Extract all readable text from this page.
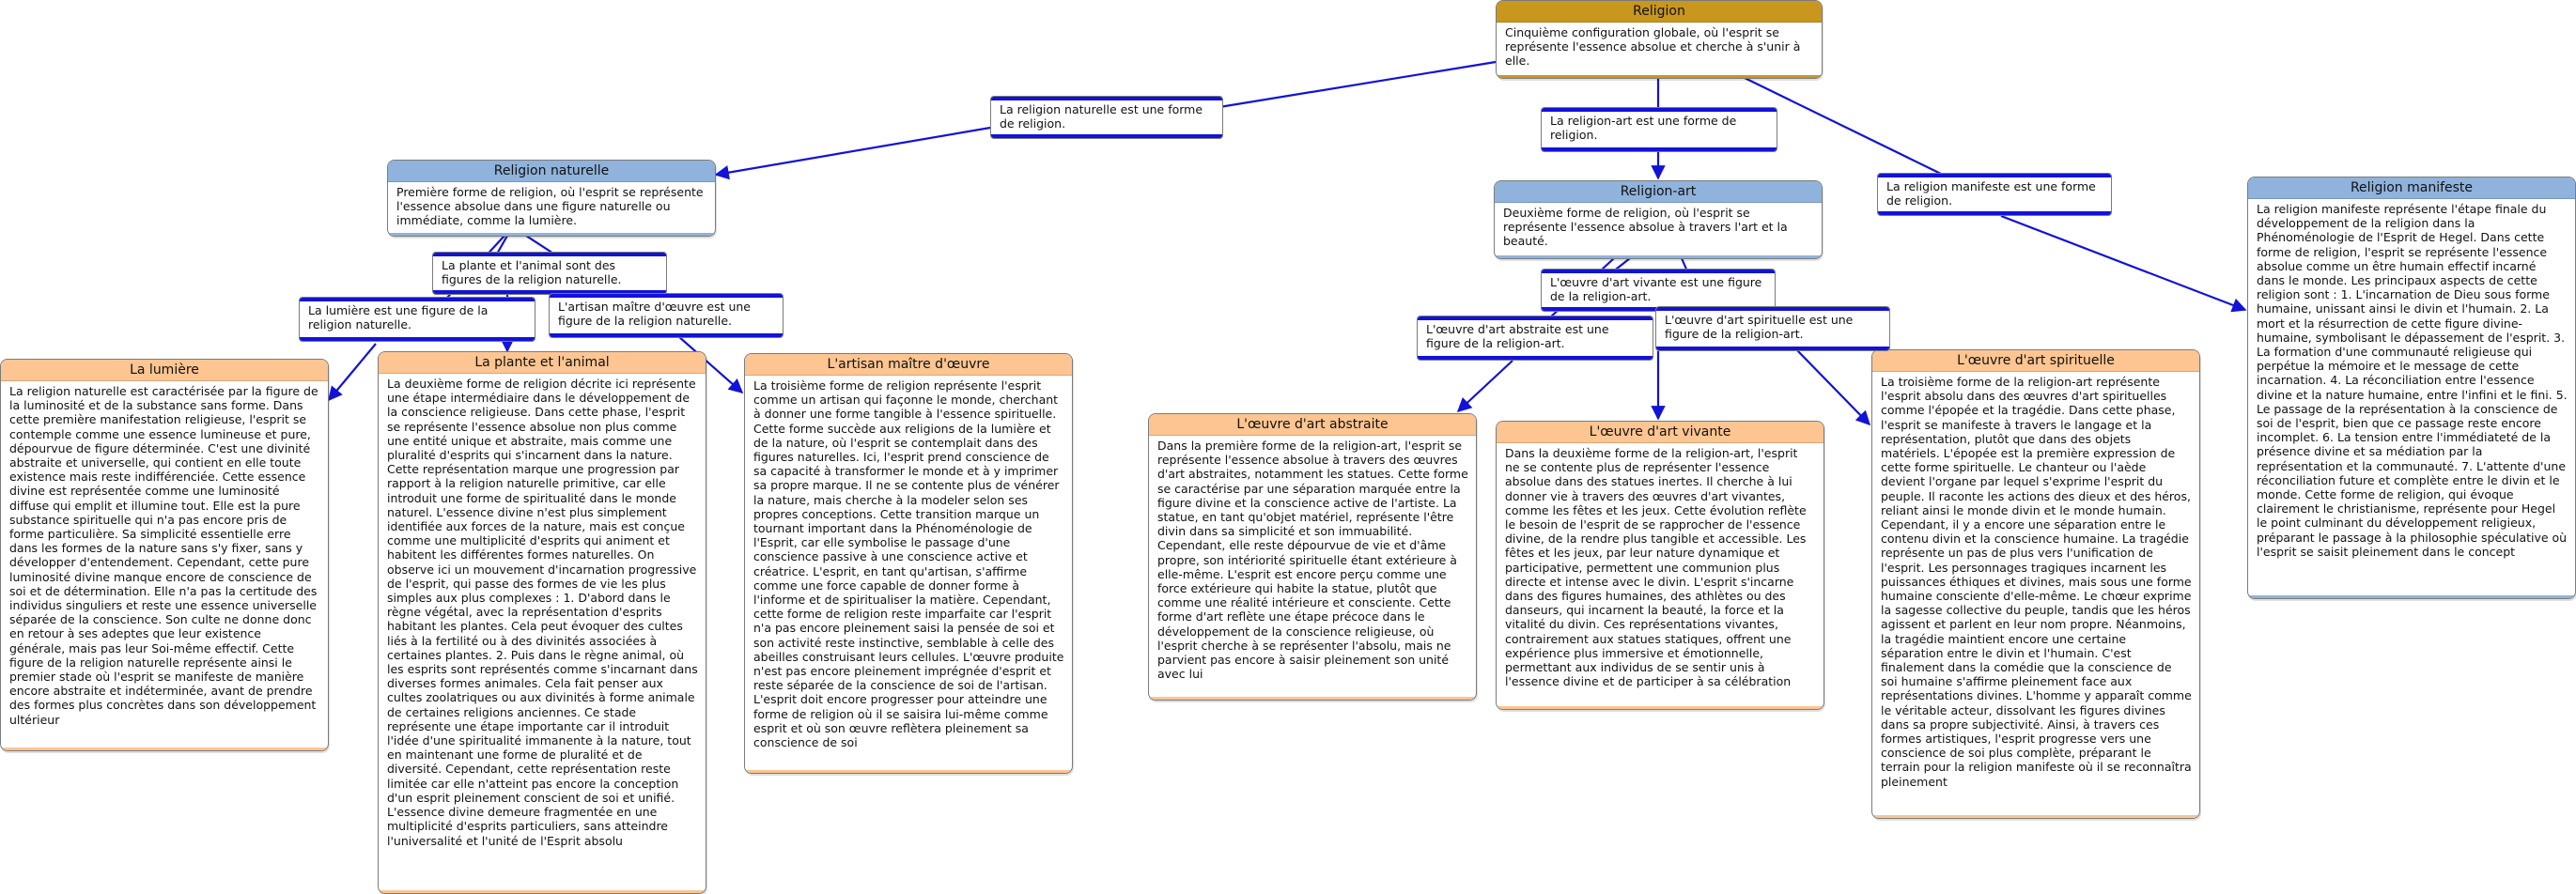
Religion
Cinquième configuration globale, où l'esprit se représente l'essence absolue et cherche à s'unir à elle.
Religion naturelle
Première forme de religion, où l'esprit se représente l'essence absolue dans une figure naturelle ou immédiate, comme la lumière.
Religion-art
Deuxième forme de religion, où l'esprit se représente l'essence absolue à travers l'art et la beauté.
Religion manifeste
La religion manifeste représente l'étape finale du développement de la religion dans la Phénoménologie de l'Esprit de Hegel. Dans cette forme de religion, l'esprit se représente l'essence absolue comme un être humain effectif incarné dans le monde. Les principaux aspects de cette religion sont : 1. L'incarnation de Dieu sous forme humaine, unissant ainsi le divin et l'humain. 2. La mort et la résurrection de cette figure divine-humaine, symbolisant le dépassement de l'esprit. 3. La formation d'une communauté religieuse qui perpétue la mémoire et le message de cette incarnation. 4. La réconciliation entre l'essence divine et la nature humaine, entre l'infini et le fini. 5. Le passage de la représentation à la conscience de soi de l'esprit, bien que ce passage reste encore incomplet. 6. La tension entre l'immédiateté de la présence divine et sa médiation par la représentation et la communauté. 7. L'attente d'une réconciliation future et complète entre le divin et le monde. Cette forme de religion, qui évoque clairement le christianisme, représente pour Hegel le point culminant du développement religieux, préparant le passage à la philosophie spéculative où l'esprit se saisit pleinement dans le concept
La lumière
La religion naturelle est caractérisée par la figure de la luminosité et de la substance sans forme. Dans cette première manifestation religieuse, l'esprit se contemple comme une essence lumineuse et pure, dépourvue de figure déterminée. C'est une divinité abstraite et universelle, qui contient en elle toute existence mais reste indifférenciée. Cette essence divine est représentée comme une luminosité diffuse qui emplit et illumine tout. Elle est la pure substance spirituelle qui n'a pas encore pris de forme particulière. Sa simplicité essentielle erre dans les formes de la nature sans s'y fixer, sans y développer d'entendement. Cependant, cette pure luminosité divine manque encore de conscience de soi et de détermination. Elle n'a pas la certitude des individus singuliers et reste une essence universelle séparée de la conscience. Son culte ne donne donc en retour à ses adeptes que leur existence générale, mais pas leur Soi-même effectif. Cette figure de la religion naturelle représente ainsi le premier stade où l'esprit se manifeste de manière encore abstraite et indéterminée, avant de prendre des formes plus concrètes dans son développement ultérieur
La plante et l'animal
La deuxième forme de religion décrite ici représente une étape intermédiaire dans le développement de la conscience religieuse. Dans cette phase, l'esprit se représente l'essence absolue non plus comme une entité unique et abstraite, mais comme une pluralité d'esprits qui s'incarnent dans la nature. Cette représentation marque une progression par rapport à la religion naturelle primitive, car elle introduit une forme de spiritualité dans le monde naturel. L'essence divine n'est plus simplement identifiée aux forces de la nature, mais est conçue comme une multiplicité d'esprits qui animent et habitent les différentes formes naturelles. On observe ici un mouvement d'incarnation progressive de l'esprit, qui passe des formes de vie les plus simples aux plus complexes : 1. D'abord dans le règne végétal, avec la représentation d'esprits habitant les plantes. Cela peut évoquer des cultes liés à la fertilité ou à des divinités associées à certaines plantes. 2. Puis dans le règne animal, où les esprits sont représentés comme s'incarnant dans diverses formes animales. Cela fait penser aux cultes zoolatriques ou aux divinités à forme animale de certaines religions anciennes. Ce stade représente une étape importante car il introduit l'idée d'une spiritualité immanente à la nature, tout en maintenant une forme de pluralité et de diversité. Cependant, cette représentation reste limitée car elle n'atteint pas encore la conception d'un esprit pleinement conscient de soi et unifié. L'essence divine demeure fragmentée en une multiplicité d'esprits particuliers, sans atteindre l'universalité et l'unité de l'Esprit absolu
L'artisan maître d'œuvre
La troisième forme de religion représente l'esprit comme un artisan qui façonne le monde, cherchant à donner une forme tangible à l'essence spirituelle. Cette forme succède aux religions de la lumière et de la nature, où l'esprit se contemplait dans des figures naturelles. Ici, l'esprit prend conscience de sa capacité à transformer le monde et à y imprimer sa propre marque. Il ne se contente plus de vénérer la nature, mais cherche à la modeler selon ses propres conceptions. Cette transition marque un tournant important dans la Phénoménologie de l'Esprit, car elle symbolise le passage d'une conscience passive à une conscience active et créatrice. L'esprit, en tant qu'artisan, s'affirme comme une force capable de donner forme à l'informe et de spiritualiser la matière. Cependant, cette forme de religion reste imparfaite car l'esprit n'a pas encore pleinement saisi la pensée de soi et son activité reste instinctive, semblable à celle des abeilles construisant leurs cellules. L'œuvre produite n'est pas encore pleinement imprégnée d'esprit et reste séparée de la conscience de soi de l'artisan. L'esprit doit encore progresser pour atteindre une forme de religion où il se saisira lui-même comme esprit et où son œuvre reflètera pleinement sa conscience de soi
L'œuvre d'art abstraite
Dans la première forme de la religion-art, l'esprit se représente l'essence absolue à travers des œuvres d'art abstraites, notamment les statues. Cette forme se caractérise par une séparation marquée entre la figure divine et la conscience active de l'artiste. La statue, en tant qu'objet matériel, représente l'être divin dans sa simplicité et son immuabilité. Cependant, elle reste dépourvue de vie et d'âme propre, son intériorité spirituelle étant extérieure à elle-même. L'esprit est encore perçu comme une force extérieure qui habite la statue, plutôt que comme une réalité intérieure et consciente. Cette forme d'art reflète une étape précoce dans le développement de la conscience religieuse, où l'esprit cherche à se représenter l'absolu, mais ne parvient pas encore à saisir pleinement son unité avec lui
L'œuvre d'art vivante
Dans la deuxième forme de la religion-art, l'esprit ne se contente plus de représenter l'essence absolue dans des statues inertes. Il cherche à lui donner vie à travers des œuvres d'art vivantes, comme les fêtes et les jeux. Cette évolution reflète le besoin de l'esprit de se rapprocher de l'essence divine, de la rendre plus tangible et accessible. Les fêtes et les jeux, par leur nature dynamique et participative, permettent une communion plus directe et intense avec le divin. L'esprit s'incarne dans des figures humaines, des athlètes ou des danseurs, qui incarnent la beauté, la force et la vitalité du divin. Ces représentations vivantes, contrairement aux statues statiques, offrent une expérience plus immersive et émotionnelle, permettant aux individus de se sentir unis à l'essence divine et de participer à sa célébration
L'œuvre d'art spirituelle
La troisième forme de la religion-art représente l'esprit absolu dans des œuvres d'art spirituelles comme l'épopée et la tragédie. Dans cette phase, l'esprit se manifeste à travers le langage et la représentation, plutôt que dans des objets matériels. L'épopée est la première expression de cette forme spirituelle. Le chanteur ou l'aède devient l'organe par lequel s'exprime l'esprit du peuple. Il raconte les actions des dieux et des héros, reliant ainsi le monde divin et le monde humain. Cependant, il y a encore une séparation entre le contenu divin et la conscience humaine. La tragédie représente un pas de plus vers l'unification de l'esprit. Les personnages tragiques incarnent les puissances éthiques et divines, mais sous une forme humaine consciente d'elle-même. Le chœur exprime la sagesse collective du peuple, tandis que les héros agissent et parlent en leur nom propre. Néanmoins, la tragédie maintient encore une certaine séparation entre le divin et l'humain. C'est finalement dans la comédie que la conscience de soi humaine s'affirme pleinement face aux représentations divines. L'homme y apparaît comme le véritable acteur, dissolvant les figures divines dans sa propre subjectivité. Ainsi, à travers ces formes artistiques, l'esprit progresse vers une conscience de soi plus complète, préparant le terrain pour la religion manifeste où il se reconnaîtra pleinement
La religion naturelle est une forme de religion.	La religion-art est une forme de religion.
La religion manifeste est une forme de religion.
La plante et l'animal sont des figures de la religion naturelle.
La lumière est une figure de la religion naturelle.
L'artisan maître d'œuvre est une figure de la religion naturelle.
L'œuvre d'art vivante est une figure de la religion-art.
L'œuvre d'art abstraite est une figure de la religion-art.
L'œuvre d'art spirituelle est une figure de la religion-art.
